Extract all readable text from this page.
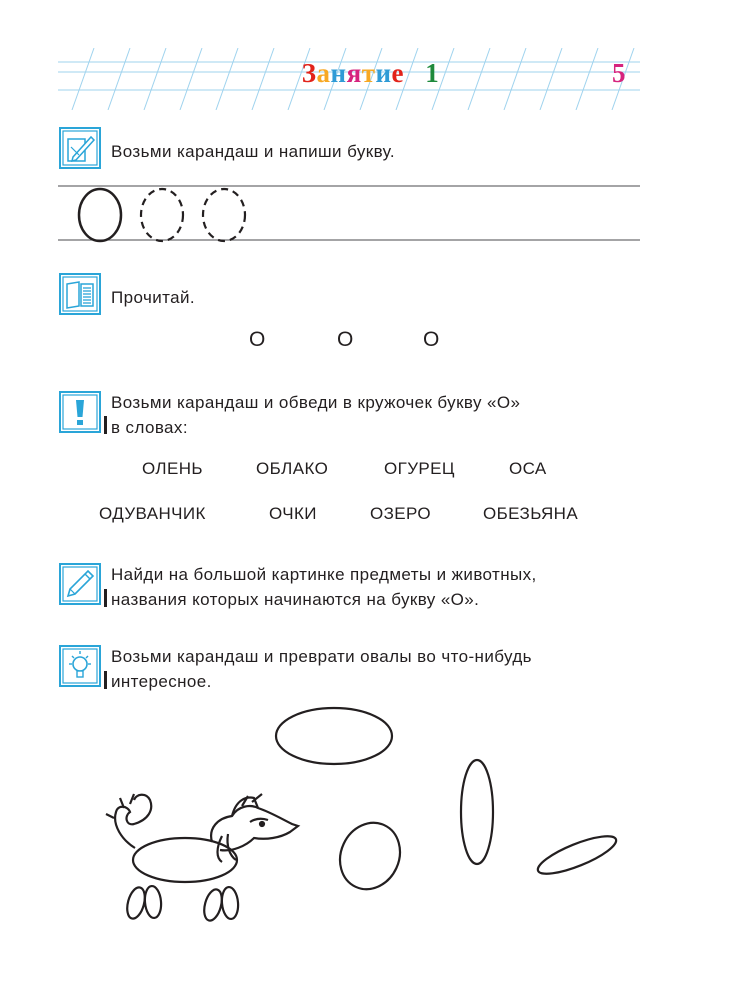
Занятие 1	5
Возьми карандаш и напиши букву.
Прочитай.
О	О	О
Возьми карандаш и обведи в кружочек букву «О»
в словах:
ОЛЕНЬ	ОБЛАКО	ОГУРЕЦ	ОСА
ОДУВАНЧИК	ОЧКИ	ОЗЕРО	ОБЕЗЬЯНА
Найди на большой картинке предметы и животных,
названия которых начинаются на букву «О».
Возьми карандаш и преврати овалы во что-нибудь
интересное.
